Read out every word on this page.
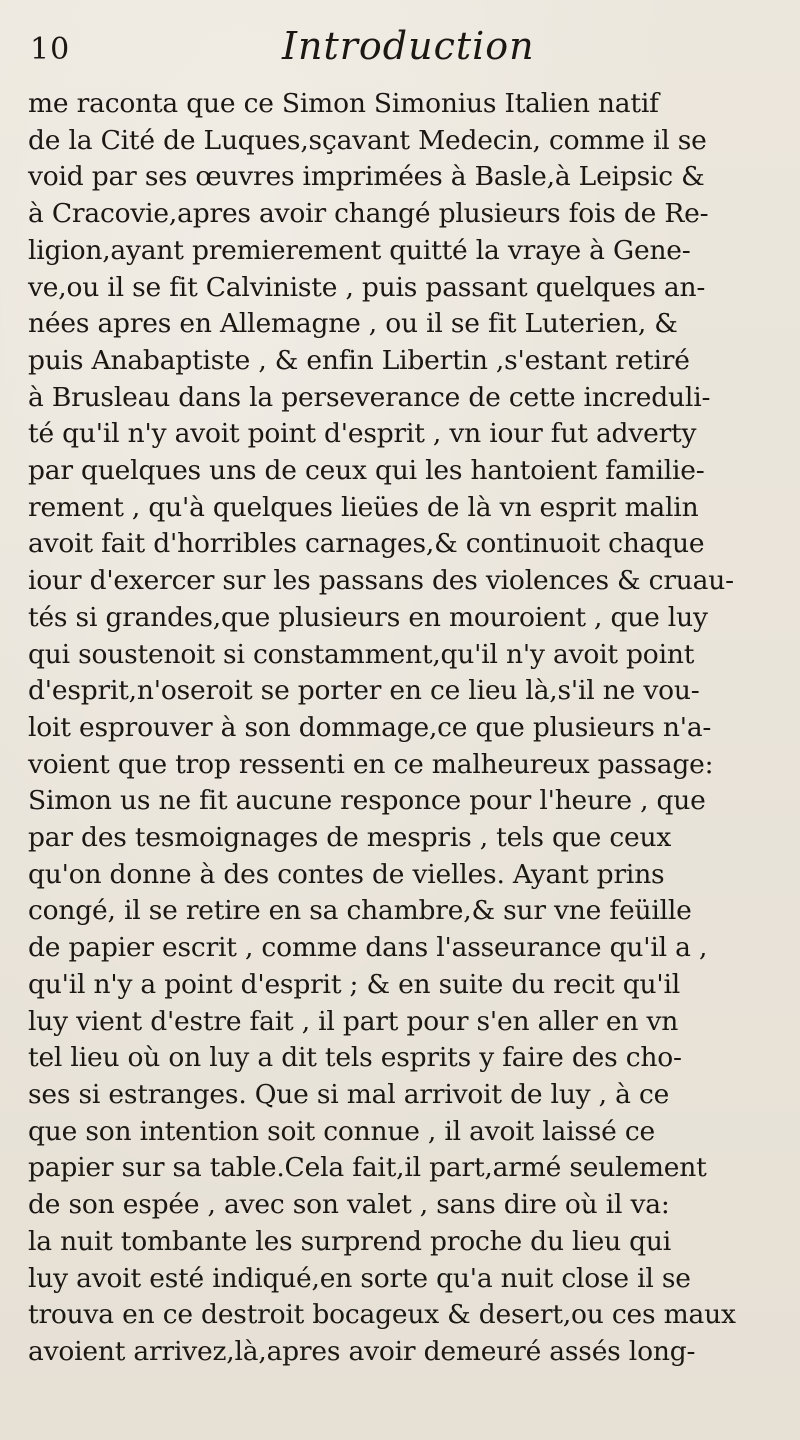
10	Introduction
me raconta que ce Simon Simonius Italien natif
de la Cité de Luques,sçavant Medecin, comme il se
void par ses œuvres imprimées à Basle,à Leipsic &
à Cracovie,apres avoir changé plusieurs fois de Re-
ligion,ayant premierement quitté la vraye à Gene-
ve,ou il se fit Calviniste , puis passant quelques an-
nées apres en Allemagne , ou il se fit Luterien, &
puis Anabaptiste , & enfin Libertin ,s'estant retiré
à Brusleau dans la perseverance de cette increduli-
té qu'il n'y avoit point d'esprit , vn iour fut adverty
par quelques uns de ceux qui les hantoient familie-
rement , qu'à quelques lieües de là vn esprit malin
avoit fait d'horribles carnages,& continuoit chaque
iour d'exercer sur les passans des violences & cruau-
tés si grandes,que plusieurs en mouroient , que luy
qui soustenoit si constamment,qu'il n'y avoit point
d'esprit,n'oseroit se porter en ce lieu là,s'il ne vou-
loit esprouver à son dommage,ce que plusieurs n'a-
voient que trop ressenti en ce malheureux passage:
Simon us ne fit aucune responce pour l'heure , que
par des tesmoignages de mespris , tels que ceux
qu'on donne à des contes de vielles. Ayant prins
congé, il se retire en sa chambre,& sur vne feüille
de papier escrit , comme dans l'asseurance qu'il a ,
qu'il n'y a point d'esprit ; & en suite du recit qu'il
luy vient d'estre fait , il part pour s'en aller en vn
tel lieu où on luy a dit tels esprits y faire des cho-
ses si estranges. Que si mal arrivoit de luy , à ce
que son intention soit connue , il avoit laissé ce
papier sur sa table.Cela fait,il part,armé seulement
de son espée , avec son valet , sans dire où il va:
la nuit tombante les surprend proche du lieu qui
luy avoit esté indiqué,en sorte qu'a nuit close il se
trouva en ce destroit bocageux & desert,ou ces maux
avoient arrivez,là,apres avoir demeuré assés long-
